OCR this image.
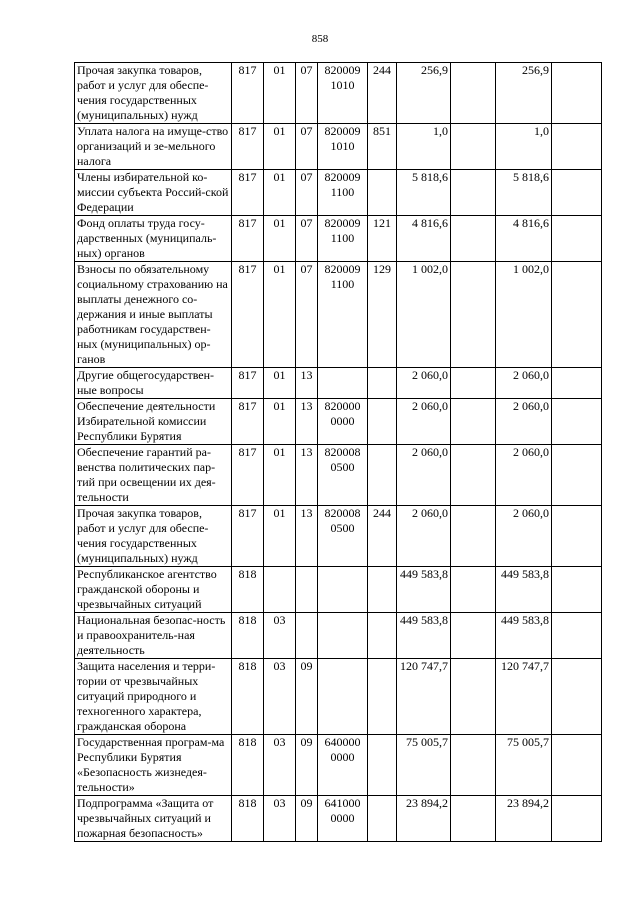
858
Прочая закупка товаров, работ и услуг для обеспе-чения государственных (муниципальных) нужд	817	01	07	820009 1010	244	256,9		256,9	
Уплата налога на имуще-ство организаций и зе-мельного налога	817	01	07	820009 1010	851	1,0		1,0	
Члены избирательной ко-миссии субъекта Россий-ской Федерации	817	01	07	820009 1100		5 818,6		5 818,6	
Фонд оплаты труда госу-дарственных (муниципаль-ных) органов	817	01	07	820009 1100	121	4 816,6		4 816,6	
Взносы по обязательному социальному страхованию на выплаты денежного со-держания и иные выплаты работникам государствен-ных (муниципальных) ор-ганов	817	01	07	820009 1100	129	1 002,0		1 002,0	
Другие общегосударствен-ные вопросы	817	01	13			2 060,0		2 060,0	
Обеспечение деятельности Избирательной комиссии Республики Бурятия	817	01	13	820000 0000		2 060,0		2 060,0	
Обеспечение гарантий ра-венства политических пар-тий при освещении их дея-тельности	817	01	13	820008 0500		2 060,0		2 060,0	
Прочая закупка товаров, работ и услуг для обеспе-чения государственных (муниципальных) нужд	817	01	13	820008 0500	244	2 060,0		2 060,0	
Республиканское агентство гражданской обороны и чрезвычайных ситуаций	818					449 583,8		449 583,8	
Национальная безопас-ность и правоохранитель-ная деятельность	818	03				449 583,8		449 583,8	
Защита населения и терри-тории от чрезвычайных ситуаций природного и техногенного характера, гражданская оборона	818	03	09			120 747,7		120 747,7	
Государственная програм-ма Республики Бурятия «Безопасность жизнедея-тельности»	818	03	09	640000 0000		75 005,7		75 005,7	
Подпрограмма «Защита от чрезвычайных ситуаций и пожарная безопасность»	818	03	09	641000 0000		23 894,2		23 894,2	
